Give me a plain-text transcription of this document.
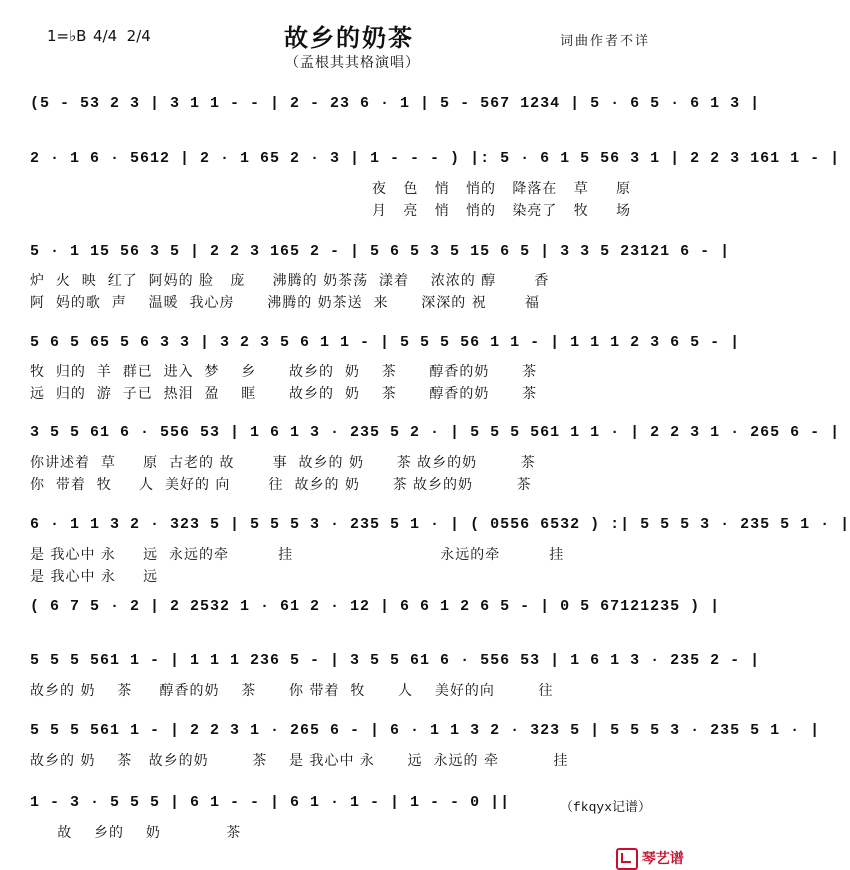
1=♭B 4/4  2/4	故乡的奶茶
（孟根其其格演唱）
词曲作者不详
(5 - 53 2 3 | 3 1 1 - - | 2 - 23 6 · 1 | 5 - 567 1234 | 5 · 6 5 · 6 1 3 |
2 · 1 6 · 5612 | 2 · 1 65 2 · 3 | 1 - - - ) |: 5 · 6 1 5 56 3 1 | 2 2 3 161 1 - |
夜   色   悄   悄的   降落在   草     原
月   亮   悄   悄的   染亮了   牧     场
5 · 1 15 56 3 5 | 2 2 3 165 2 - | 5 6 5 3 5 15 6 5 | 3 3 5 23121 6 - |
炉  火  映  红了  阿妈的 脸   庞     沸腾的 奶茶荡  漾着    浓浓的 醇       香
阿  妈的歌  声    温暖  我心房      沸腾的 奶茶送  来      深深的 祝       福
5 6 5 65 5 6 3 3 | 3 2 3 5 6 1 1 - | 5 5 5 56 1 1 - | 1 1 1 2 3 6 5 - |
牧  归的  羊  群已  进入  梦    乡      故乡的  奶    茶      醇香的奶      茶
远  归的  游  子已  热泪  盈    眶      故乡的  奶    茶      醇香的奶      茶
3 5 5 61 6 · 556 53 | 1 6 1 3 · 235 5 2 · | 5 5 5 561 1 1 · | 2 2 3 1 · 265 6 - |
你讲述着  草     原  古老的 故       事  故乡的 奶      茶 故乡的奶        茶
你  带着  牧     人  美好的 向       往  故乡的 奶      茶 故乡的奶        茶
6 · 1 1 3 2 · 323 5 | 5 5 5 3 · 235 5 1 · | ( 0556 6532 ) :| 5 5 5 3 · 235 5 1 · |
是 我心中 永     远  永远的牵         挂                           永远的牵         挂
是 我心中 永     远
( 6 7 5 · 2 | 2 2532 1 · 61 2 · 12 | 6 6 1 2 6 5 - | 0 5 67121235 ) |
5 5 5 561 1 - | 1 1 1 236 5 - | 3 5 5 61 6 · 556 53 | 1 6 1 3 · 235 2 - |
故乡的 奶    茶     醇香的奶    茶      你 带着  牧      人    美好的向        往
5 5 5 561 1 - | 2 2 3 1 · 265 6 - | 6 · 1 1 3 2 · 323 5 | 5 5 5 3 · 235 5 1 · |
故乡的 奶    茶   故乡的奶        茶    是 我心中 永      远  永远的 牵          挂
1 - 3 · 5 5 5 | 6 1 - - | 6 1 · 1 - | 1 - - 0 ||
故    乡的    奶            茶
（fkqyx记谱）

琴艺谱
